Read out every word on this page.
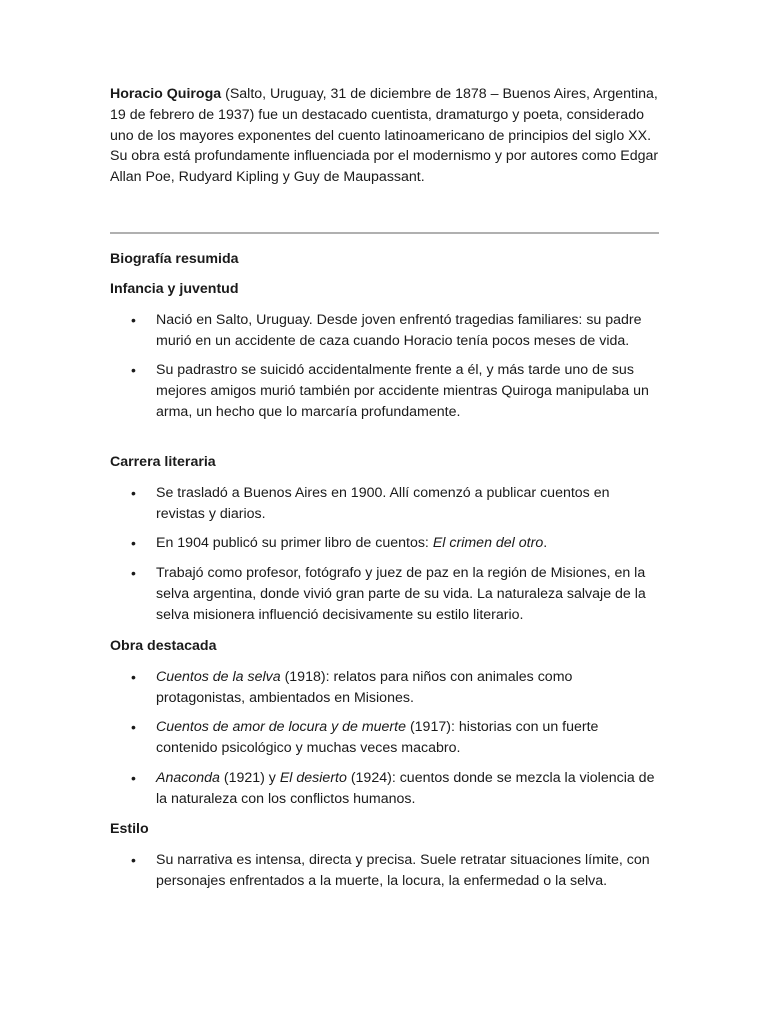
Horacio Quiroga (Salto, Uruguay, 31 de diciembre de 1878 – Buenos Aires, Argentina, 19 de febrero de 1937) fue un destacado cuentista, dramaturgo y poeta, considerado uno de los mayores exponentes del cuento latinoamericano de principios del siglo XX. Su obra está profundamente influenciada por el modernismo y por autores como Edgar Allan Poe, Rudyard Kipling y Guy de Maupassant.

Biografía resumida

Infancia y juventud

• Nació en Salto, Uruguay. Desde joven enfrentó tragedias familiares: su padre murió en un accidente de caza cuando Horacio tenía pocos meses de vida.
• Su padrastro se suicidó accidentalmente frente a él, y más tarde uno de sus mejores amigos murió también por accidente mientras Quiroga manipulaba un arma, un hecho que lo marcaría profundamente.

Carrera literaria

• Se trasladó a Buenos Aires en 1900. Allí comenzó a publicar cuentos en revistas y diarios.
• En 1904 publicó su primer libro de cuentos: El crimen del otro.
• Trabajó como profesor, fotógrafo y juez de paz en la región de Misiones, en la selva argentina, donde vivió gran parte de su vida. La naturaleza salvaje de la selva misionera influenció decisivamente su estilo literario.

Obra destacada

• Cuentos de la selva (1918): relatos para niños con animales como protagonistas, ambientados en Misiones.
• Cuentos de amor de locura y de muerte (1917): historias con un fuerte contenido psicológico y muchas veces macabro.
• Anaconda (1921) y El desierto (1924): cuentos donde se mezcla la violencia de la naturaleza con los conflictos humanos.

Estilo

• Su narrativa es intensa, directa y precisa. Suele retratar situaciones límite, con personajes enfrentados a la muerte, la locura, la enfermedad o la selva.
